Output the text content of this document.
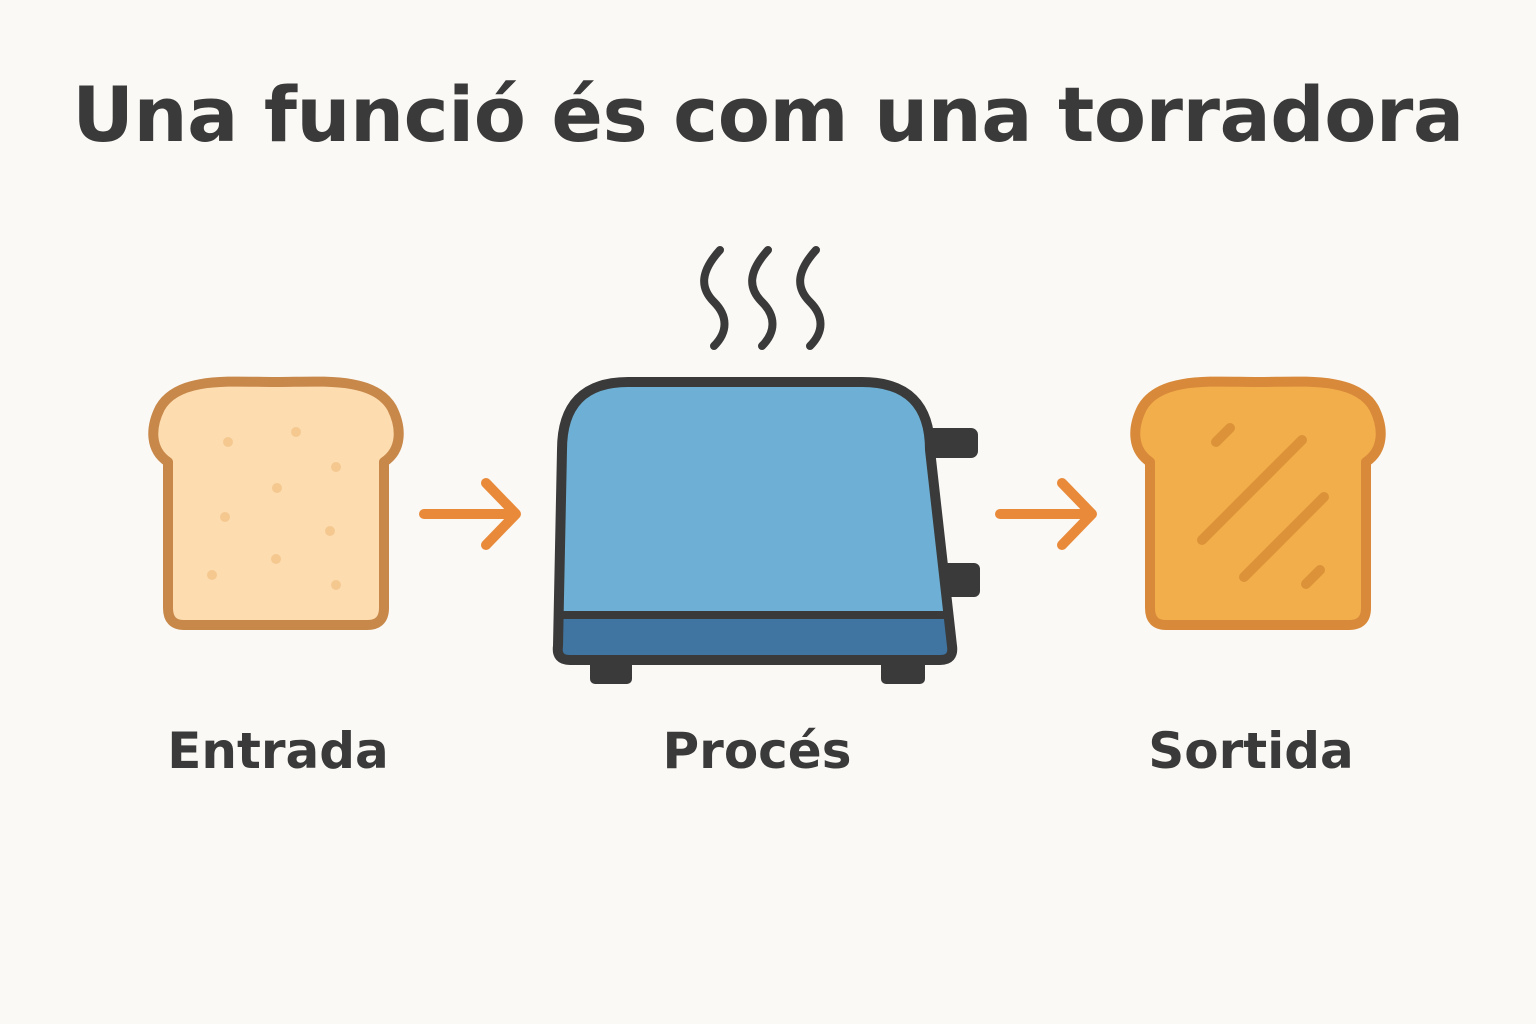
Una funció és com una torradora
Entrada	Procés	Sortida
